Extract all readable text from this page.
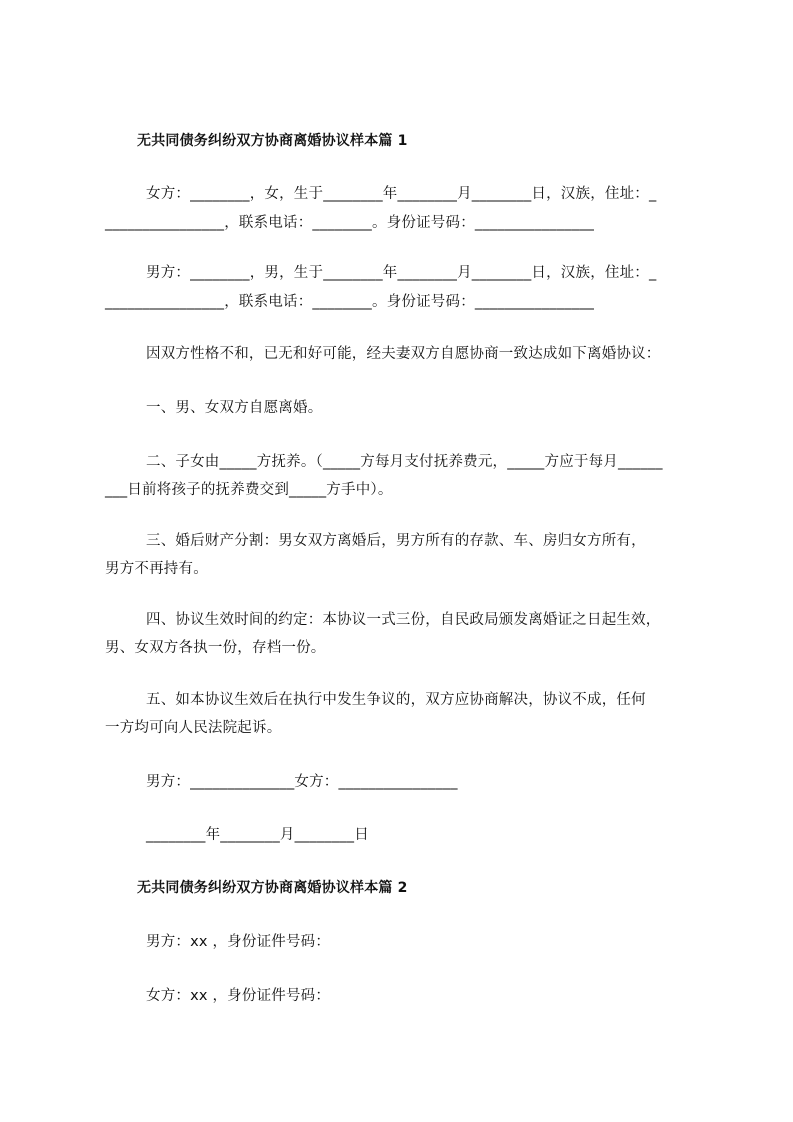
无共同债务纠纷双方协商离婚协议样本篇 1
女方：________，女，生于________年________月________日，汉族，住址：_
________________，联系电话：________。身份证号码：________________
男方：________，男，生于________年________月________日，汉族，住址：_
________________，联系电话：________。身份证号码：________________
因双方性格不和，已无和好可能，经夫妻双方自愿协商一致达成如下离婚协议：
一、男、女双方自愿离婚。
二、子女由_____方抚养。（_____方每月支付抚养费元，_____方应于每月______
___日前将孩子的抚养费交到_____方手中）。
三、婚后财产分割：男女双方离婚后，男方所有的存款、车、房归女方所有，
男方不再持有。
四、协议生效时间的约定：本协议一式三份，自民政局颁发离婚证之日起生效，
男、女双方各执一份，存档一份。
五、如本协议生效后在执行中发生争议的，双方应协商解决，协议不成，任何
一方均可向人民法院起诉。
男方：______________女方：________________
________年________月________日
无共同债务纠纷双方协商离婚协议样本篇 2
男方：xx ，身份证件号码：
女方：xx ，身份证件号码：
